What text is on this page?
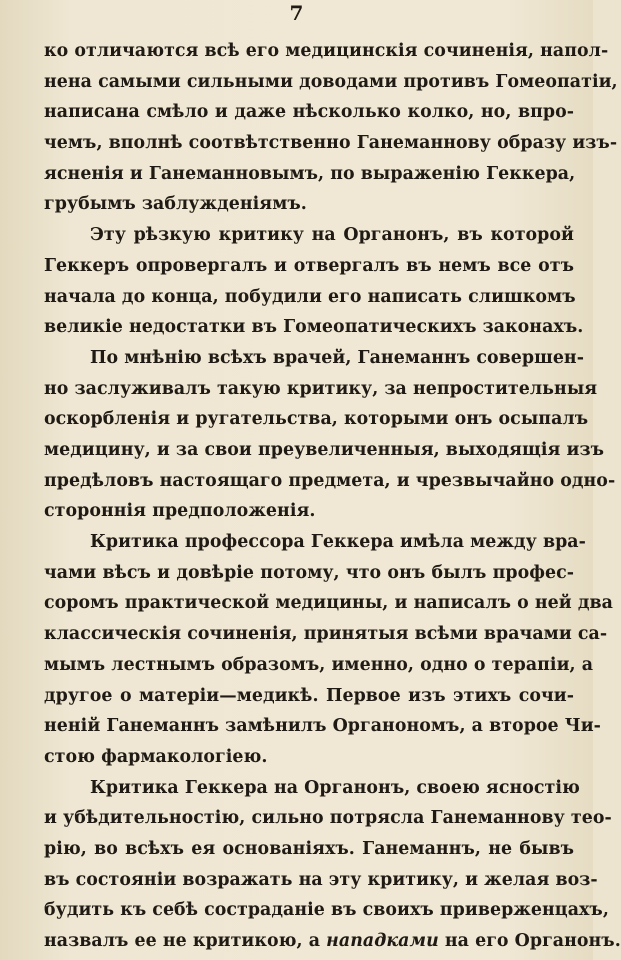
7
ко отличаются всѣ его медицинскія сочиненія, напол-
нена самыми сильными доводами противъ Гомеопатіи,
написана смѣло и даже нѣсколько колко, но, впро-
чемъ, вполнѣ соотвѣтственно Ганеманнову образу изъ-
ясненія и Ганеманновымъ, по выраженію Геккера,
грубымъ заблужденіямъ.
Эту рѣзкую критику на Органонъ, въ которой
Геккеръ опровергалъ и отвергалъ въ немъ все отъ
начала до конца, побудили его написать слишкомъ
великіе недостатки въ Гомеопатическихъ законахъ.
По мнѣнію всѣхъ врачей, Ганеманнъ совершен-
но заслуживалъ такую критику, за непростительныя
оскорбленія и ругательства, которыми онъ осыпалъ
медицину, и за свои преувеличенныя, выходящія изъ
предѣловъ настоящаго предмета, и чрезвычайно одно-
стороннія предположенія.
Критика профессора Геккера имѣла между вра-
чами вѣсъ и довѣріе потому, что онъ былъ профес-
соромъ практической медицины, и написалъ о ней два
классическія сочиненія, принятыя всѣми врачами са-
мымъ лестнымъ образомъ, именно, одно о терапіи, а
другое о матеріи—медикѣ. Первое изъ этихъ сочи-
неній Ганеманнъ замѣнилъ Органономъ, а второе Чи-
стою фармакологіею.
Критика Геккера на Органонъ, своею ясностію
и убѣдительностію, сильно потрясла Ганеманнову тео-
рію, во всѣхъ ея основаніяхъ. Ганеманнъ, не бывъ
въ состояніи возражать на эту критику, и желая воз-
будить къ себѣ состраданіе въ своихъ приверженцахъ,
назвалъ ее не критикою, а нападками на его Органонъ.
